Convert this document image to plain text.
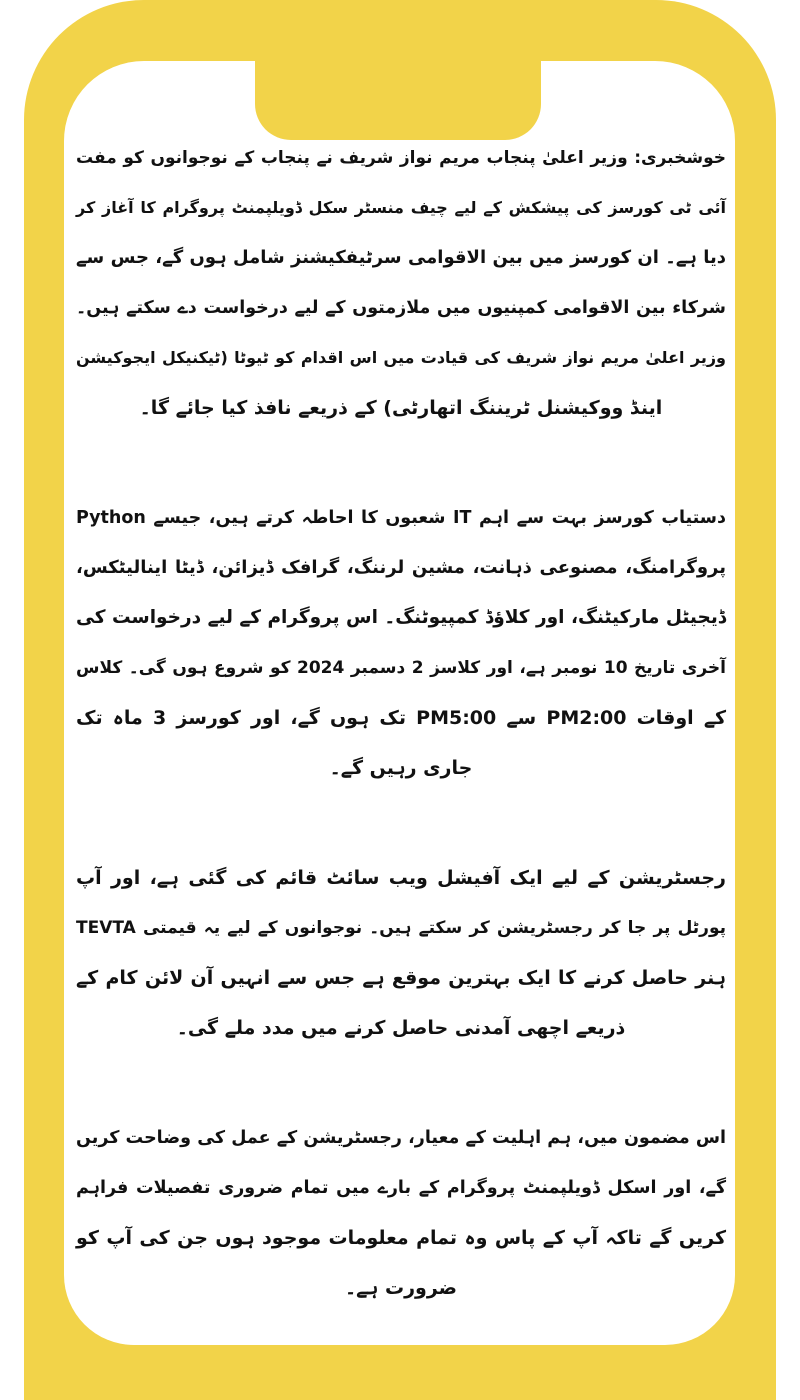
خوشخبری: وزیر اعلیٰ پنجاب مریم نواز شریف نے پنجاب کے نوجوانوں کو مفت
آئی ٹی کورسز کی پیشکش کے لیے چیف منسٹر سکل ڈویلپمنٹ پروگرام کا آغاز کر
دیا ہے۔ ان کورسز میں بین الاقوامی سرٹیفکیشنز شامل ہوں گے، جس سے
شرکاء بین الاقوامی کمپنیوں میں ملازمتوں کے لیے درخواست دے سکتے ہیں۔
وزیر اعلیٰ مریم نواز شریف کی قیادت میں اس اقدام کو ٹیوٹا (ٹیکنیکل ایجوکیشن
اینڈ ووکیشنل ٹریننگ اتھارٹی) کے ذریعے نافذ کیا جائے گا۔
دستیاب کورسز بہت سے اہم IT شعبوں کا احاطہ کرتے ہیں، جیسے Python
پروگرامنگ، مصنوعی ذہانت، مشین لرننگ، گرافک ڈیزائن، ڈیٹا اینالیٹکس،
ڈیجیٹل مارکیٹنگ، اور کلاؤڈ کمپیوٹنگ۔ اس پروگرام کے لیے درخواست کی
آخری تاریخ 10 نومبر ہے، اور کلاسز 2 دسمبر 2024 کو شروع ہوں گی۔ کلاس
کے اوقات PM2:00 سے PM5:00 تک ہوں گے، اور کورسز 3 ماہ تک
جاری رہیں گے۔
رجسٹریشن کے لیے ایک آفیشل ویب سائٹ قائم کی گئی ہے، اور آپ
TEVTA پورٹل پر جا کر رجسٹریشن کر سکتے ہیں۔ نوجوانوں کے لیے یہ قیمتی
ہنر حاصل کرنے کا ایک بہترین موقع ہے جس سے انہیں آن لائن کام کے
ذریعے اچھی آمدنی حاصل کرنے میں مدد ملے گی۔
اس مضمون میں، ہم اہلیت کے معیار، رجسٹریشن کے عمل کی وضاحت کریں
گے، اور اسکل ڈویلپمنٹ پروگرام کے بارے میں تمام ضروری تفصیلات فراہم
کریں گے تاکہ آپ کے پاس وہ تمام معلومات موجود ہوں جن کی آپ کو
ضرورت ہے۔
